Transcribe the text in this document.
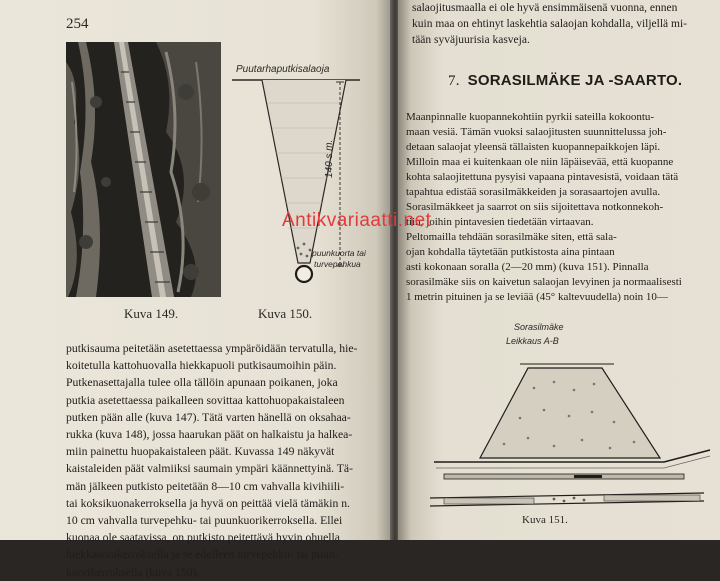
254
Kuva 149.
Puutarhaputkisalaoja
140 s m.
puunkuorta tai
turvepehkua
Kuva 150.

putkisauma peitetään asetettaessa ympäröidään tervatulla, hie-
koitetulla kattohuovalla hiekkapuoli putkisaumoihin päin.
Putkenasettajalla tulee olla tällöin apunaan poikanen, joka
putkia asetettaessa paikalleen sovittaa kattohuopakaistaleen
putken pään alle (kuva 147). Tätä varten hänellä on oksahaa-
rukka (kuva 148), jossa haarukan päät on halkaistu ja halkea-
miin painettu huopakaistaleen päät. Kuvassa 149 näkyvät
kaistaleiden päät valmiiksi saumain ympäri käännettyinä. Tä-
män jälkeen putkisto peitetään 8—10 cm vahvalla kivihiili-
tai koksikuonakerroksella ja hyvä on peittää vielä tämäkin n.
10 cm vahvalla turvepehku- tai puunkuorikerroksella. Ellei
kuonaa ole saatavissa, on putkisto peitettävä hyvin ohuella
hiekkasorakerroksella ja se edelleen turvepehku- tai puun-
kuorikerroksella (kuva 150).

salaojitusmaalla ei ole hyvä ensimmäisenä vuonna, ennen
kuin maa on ehtinyt laskehtia salaojan kohdalla, viljellä mi-
tään syväjuurisia kasveja.
7. SORASILMÄKE JA -SAARTO.
Maanpinnalle kuopannekohtiin pyrkii sateilla kokoontu-
maan vesiä. Tämän vuoksi salaojitusten suunnittelussa joh-
detaan salaojat yleensä tällaisten kuopannepaikkojen läpi.
Milloin maa ei kuitenkaan ole niin läpäisevää, että kuopanne
kohta salaojitettuna pysyisi vapaana pintavesistä, voidaan tätä
tapahtua edistää sorasilmäkkeiden ja sorasaartojen avulla.
Sorasilmäkkeet ja saarrot on siis sijoitettava notkonnekoh-
tiin, joihin pintavesien tiedetään virtaavan.
Peltomailla tehdään sorasilmäke siten, että sala-
ojan kohdalla täytetään putkistosta aina pintaan
asti kokonaan soralla (2—20 mm) (kuva 151). Pinnalla
sorasilmäke siis on kaivetun salaojan levyinen ja normaalisesti
1 metrin pituinen ja se leviää (45° kaltevuudella) noin 10—
Sorasilmäke
Leikkaus A-B
Kuva 151.
Antikvariaatti.net
